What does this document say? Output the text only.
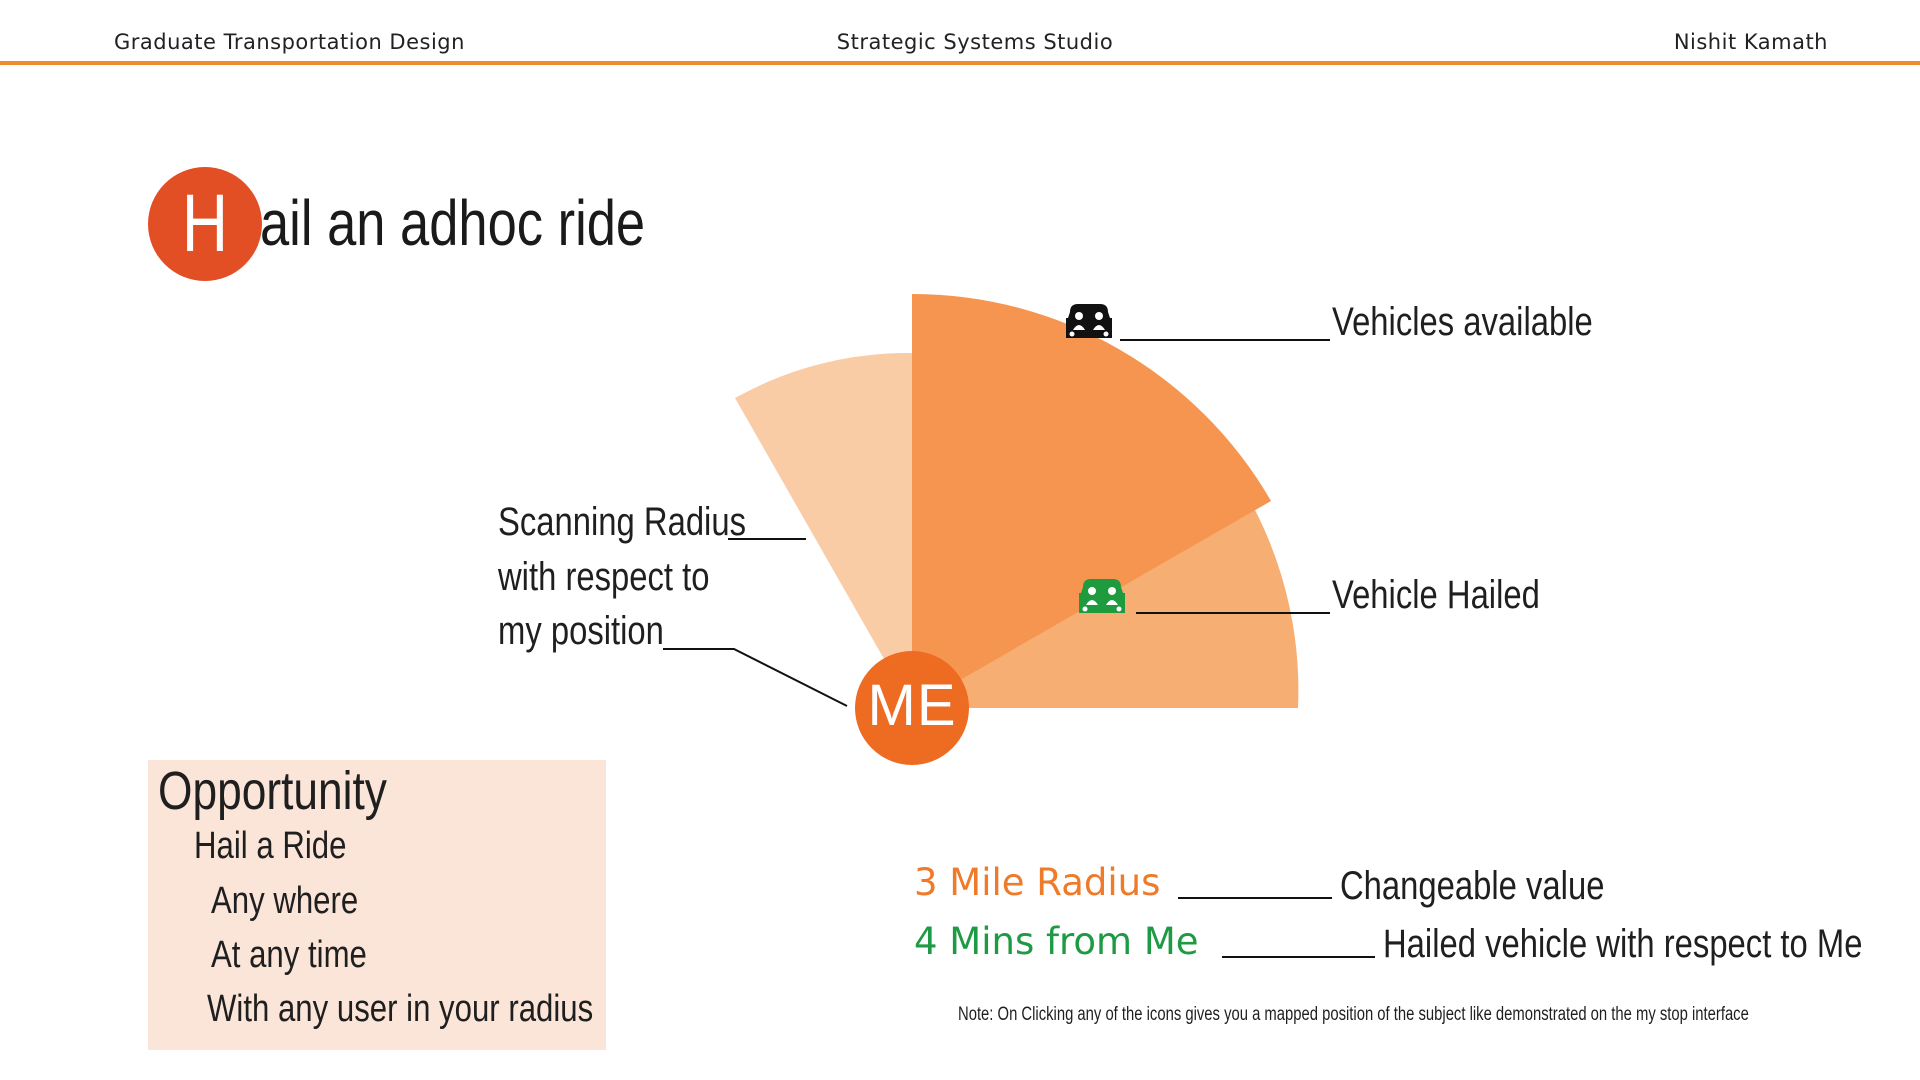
Graduate Transportation Design	Strategic Systems Studio	Nishit Kamath
H ail an adhoc ride
ME
Vehicles available
Vehicle Hailed
Scanning Radius
with respect to
my position
Opportunity
Hail a Ride
Any where
At any time
With any user in your radius
3 Mile Radius	Changeable value
4 Mins from Me	Hailed vehicle with respect to Me
Note: On Clicking any of the icons gives you a mapped position of the subject like demonstrated on the my stop interface
